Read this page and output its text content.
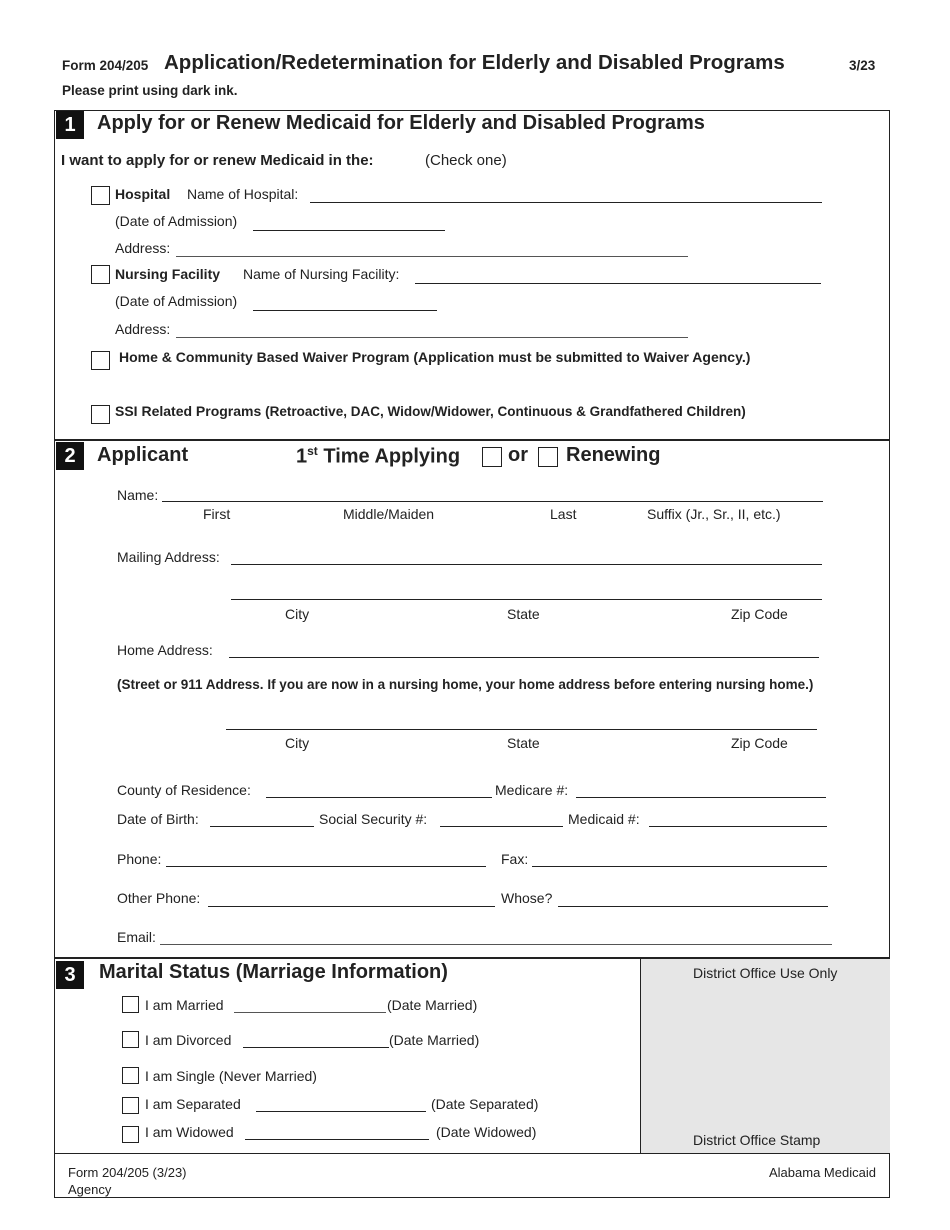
Form 204/205 Application/Redetermination for Elderly and Disabled Programs	3/23
Please print using dark ink.
1	Apply for or Renew Medicaid for Elderly and Disabled Programs
I want to apply for or renew Medicaid in the:	(Check one)
Hospital Name of Hospital:
(Date of Admission)
Address:
Nursing Facility Name of Nursing Facility:
(Date of Admission)
Address:
Home & Community Based Waiver Program (Application must be submitted to Waiver Agency.)
SSI Related Programs (Retroactive, DAC, Widow/Widower, Continuous & Grandfathered Children)
2	Applicant	1st Time Applying or Renewing
Name:
First	Middle/Maiden	Last	Suffix (Jr., Sr., II, etc.)
Mailing Address:
City	State	Zip Code
Home Address:
(Street or 911 Address. If you are now in a nursing home, your home address before entering nursing home.)
City	State	Zip Code
County of Residence:	Medicare #:
Date of Birth:	Social Security #:	Medicaid #:
Phone:	Fax:
Other Phone:	Whose?
Email:
District Office Use Only
District Office Stamp
3	Marital Status (Marriage Information)
I am Married	(Date Married)
I am Divorced	(Date Married)
I am Single (Never Married)
I am Separated	(Date Separated)
I am Widowed	(Date Widowed)
Form 204/205 (3/23)
Agency
Alabama Medicaid
